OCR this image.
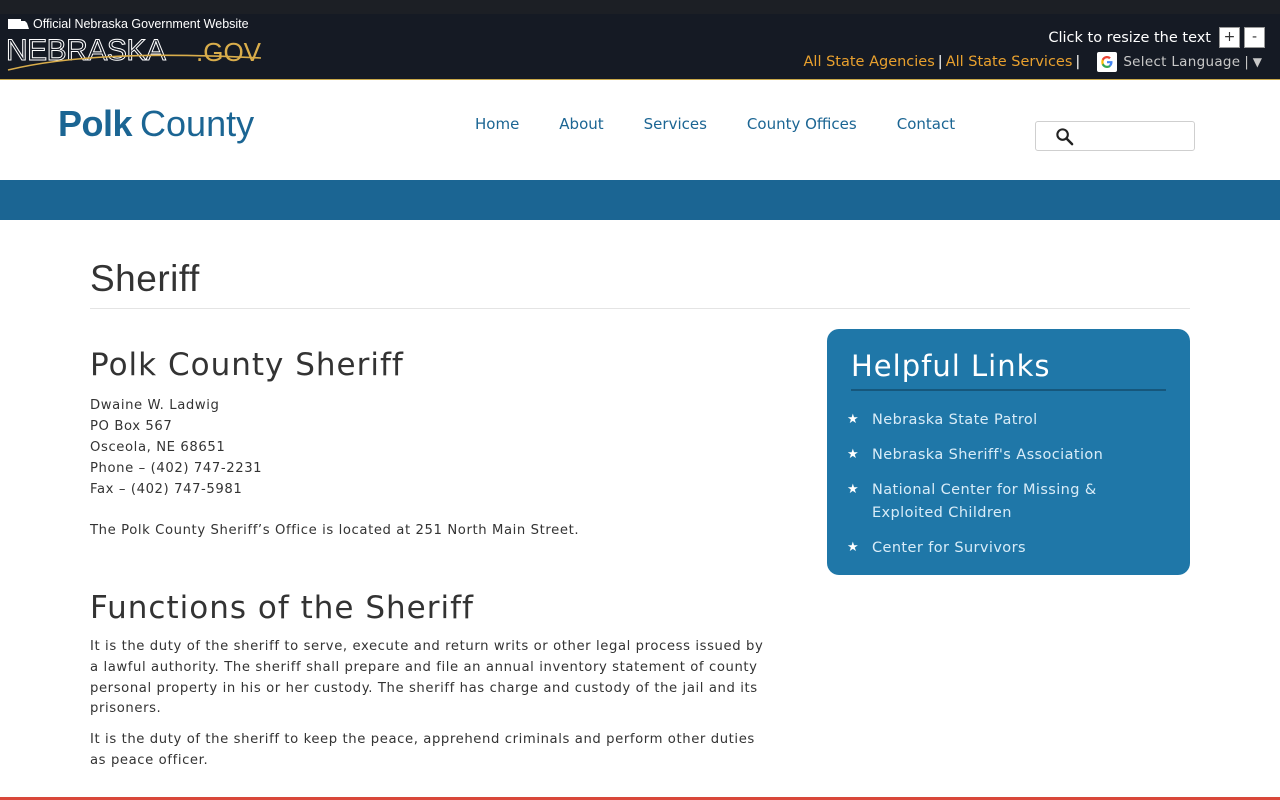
Official Nebraska Government Website
NEBRASKA .GOV	Click to resize the text +	-
All State Agencies | All State Services |	Select Language | ▼
Polk County	Home	About	Services	County Offices	Contact
Sheriff
Polk County Sheriff
Dwaine W. Ladwig
PO Box 567
Osceola, NE 68651
Phone – (402) 747-2231
Fax – (402) 747-5981

The Polk County Sheriff’s Office is located at 251 North Main Street.

Functions of the Sheriff

It is the duty of the sheriff to serve, execute and return writs or other legal process issued by a lawful authority. The sheriff shall prepare and file an annual inventory statement of county personal property in his or her custody. The sheriff has charge and custody of the jail and its prisoners.

It is the duty of the sheriff to keep the peace, apprehend criminals and perform other duties as peace officer.

Helpful Links
★ Nebraska State Patrol
★ Nebraska Sheriff's Association
★ National Center for Missing & Exploited Children
★ Center for Survivors
